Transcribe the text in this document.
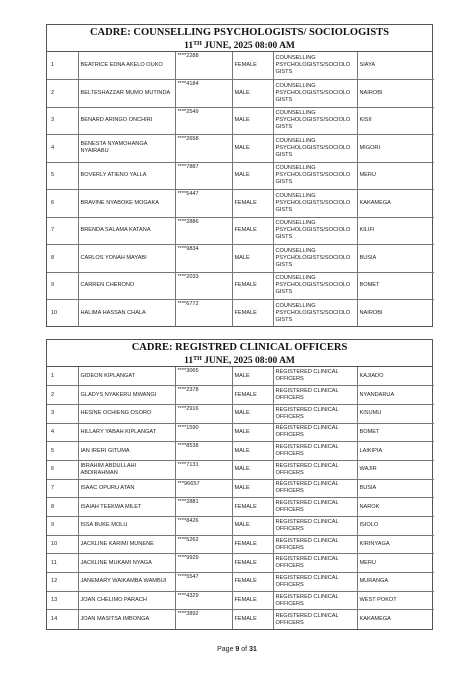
CADRE: COUNSELLING PSYCHOLOGISTS/ SOCIOLOGISTS
11TH JUNE, 2025 08:00 AM
1	BEATRICE EDNA AKELO OUKO	****2288	FEMALE	COUNSELLING PSYCHOLOGISTS/SOCIOLO GISTS	SIAYA
2	BELTESHAZZAR MUMO MUTINDA	****4184	MALE	COUNSELLING PSYCHOLOGISTS/SOCIOLO GISTS	NAIROBI
3	BENARD ARINGO ONCHIRI	****2549	MALE	COUNSELLING PSYCHOLOGISTS/SOCIOLO GISTS	KISII
4	BENESTA NYAMOHANGA NYAIRABU	****2658	MALE	COUNSELLING PSYCHOLOGISTS/SOCIOLO GISTS	MIGORI
5	BOVERLY ATIENO YALLA	****7887	MALE	COUNSELLING PSYCHOLOGISTS/SOCIOLO GISTS	MERU
6	BRAVINE NYABOKE MOGAKA	****5447	FEMALE	COUNSELLING PSYCHOLOGISTS/SOCIOLO GISTS	KAKAMEGA
7	BRENDA SALAMA KATANA	****2886	FEMALE	COUNSELLING PSYCHOLOGISTS/SOCIOLO GISTS	KILIFI
8	CARLOS YONAH MAYABI	****9834	MALE	COUNSELLING PSYCHOLOGISTS/SOCIOLO GISTS	BUSIA
9	CARREN CHERONO	****2033	FEMALE	COUNSELLING PSYCHOLOGISTS/SOCIOLO GISTS	BOMET
10	HALIMA HASSAN CHALA	****6772	FEMALE	COUNSELLING PSYCHOLOGISTS/SOCIOLO GISTS	NAIROBI
CADRE: REGISTRED CLINICAL OFFICERS
11TH JUNE, 2025 08:00 AM
1	GIDEON KIPLANGAT	****3065	MALE	REGISTERED CLINICAL OFFICERS	KAJIADO
2	GLADYS NYAKERU MWANGI	****2378	FEMALE	REGISTERED CLINICAL OFFICERS	NYANDARUA
3	HESINE OCHIENG OSORO	****2916	MALE	REGISTERED CLINICAL OFFICERS	KISUMU
4	HILLARY YABAH KIPLANGAT	****1590	MALE	REGISTERED CLINICAL OFFICERS	BOMET
5	IAN IRERI GITUMA	****8538	MALE	REGISTERED CLINICAL OFFICERS	LAIKIPIA
6	IBRAHIM ABDULLAHI ABDIRAHMAN	****7131	MALE	REGISTERED CLINICAL OFFICERS	WAJIR
7	ISAAC OPURU ATAN	***96657	MALE	REGISTERED CLINICAL OFFICERS	BUSIA
8	ISAIAH TEEKWA MILET	****2881	FEMALE	REGISTERED CLINICAL OFFICERS	NAROK
9	ISSA BUKE MOLU	****8426	MALE	REGISTERED CLINICAL OFFICERS	ISIOLO
10	JACKLINE KARIMI MUNENE	****5262	FEMALE	REGISTERED CLINICAL OFFICERS	KIRINYAGA
11	JACKLINE MUKAMI NYAGA	****9929	FEMALE	REGISTERED CLINICAL OFFICERS	MERU
12	JANEMARY WAIKAMBA WAMBUI	****5547	FEMALE	REGISTERED CLINICAL OFFICERS	MURANGA
13	JOAN CHELIMO PARACH	****4329	FEMALE	REGISTERED CLINICAL OFFICERS	WEST POKOT
14	JOAN MASITSA IMBONGA	****3892	FEMALE	REGISTERED CLINICAL OFFICERS	KAKAMEGA
Page 9 of 31
